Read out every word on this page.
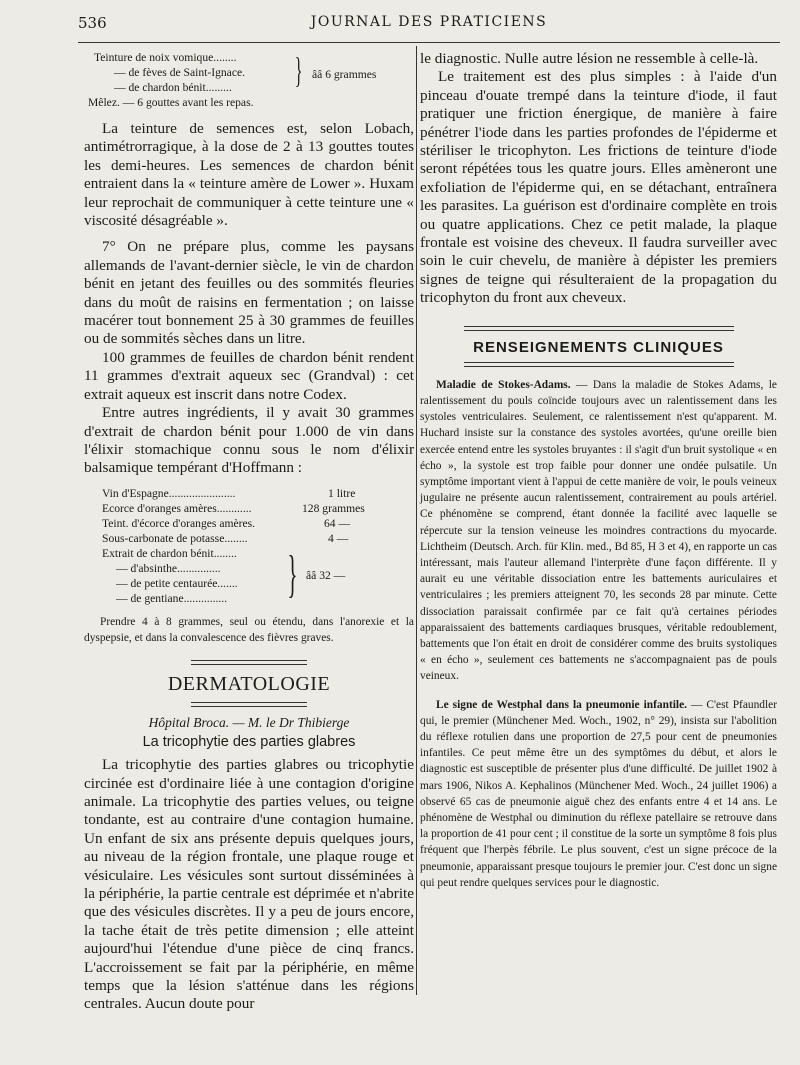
536	JOURNAL DES PRATICIENS
Teinture de noix vomique........
— de fèves de Saint-Ignace.
— de chardon bénit......... } ââ 6 grammes
Mêlez. — 6 gouttes avant les repas.

La teinture de semences est, selon Lobach, antimétrorragique, à la dose de 2 à 13 gouttes toutes les demi-heures. Les semences de chardon bénit entraient dans la « teinture amère de Lower ». Huxam leur reprochait de communiquer à cette teinture une « viscosité désagréable ».

7° On ne prépare plus, comme les paysans allemands de l'avant-dernier siècle, le vin de chardon bénit en jetant des feuilles ou des sommités fleuries dans du moût de raisins en fermentation ; on laisse macérer tout bonnement 25 à 30 grammes de feuilles ou de sommités sèches dans un litre.

100 grammes de feuilles de chardon bénit rendent 11 grammes d'extrait aqueux sec (Grandval) : cet extrait aqueux est inscrit dans notre Codex.

Entre autres ingrédients, il y avait 30 grammes d'extrait de chardon bénit pour 1.000 de vin dans l'élixir stomachique connu sous le nom d'élixir balsamique tempérant d'Hoffmann :

Vin d'Espagne.......................	1 litre
Ecorce d'oranges amères............	128 grammes
Teint. d'écorce d'oranges amères.	64 —
Sous-carbonate de potasse........	4 —
Extrait de chardon bénit........
— d'absinthe...............
— de petite centaurée.......
— de gentiane............... } ââ 32 —

Prendre 4 à 8 grammes, seul ou étendu, dans l'anorexie et la dyspepsie, et dans la convalescence des fièvres graves.

DERMATOLOGIE
Hôpital Broca. — M. le Dr Thibierge
La tricophytie des parties glabres

La tricophytie des parties glabres ou tricophytie circinée est d'ordinaire liée à une contagion d'origine animale. La tricophytie des parties velues, ou teigne tondante, est au contraire d'une contagion humaine. Un enfant de six ans présente depuis quelques jours, au niveau de la région frontale, une plaque rouge et vésiculaire. Les vésicules sont surtout disséminées à la périphérie, la partie centrale est déprimée et n'abrite que des vésicules discrètes. Il y a peu de jours encore, la tache était de très petite dimension ; elle atteint aujourd'hui l'étendue d'une pièce de cinq francs. L'accroissement se fait par la périphérie, en même temps que la lésion s'atténue dans les régions centrales. Aucun doute pour

le diagnostic. Nulle autre lésion ne ressemble à celle-là.

Le traitement est des plus simples : à l'aide d'un pinceau d'ouate trempé dans la teinture d'iode, il faut pratiquer une friction énergique, de manière à faire pénétrer l'iode dans les parties profondes de l'épiderme et stériliser le tricophyton. Les frictions de teinture d'iode seront répétées tous les quatre jours. Elles amèneront une exfoliation de l'épiderme qui, en se détachant, entraînera les parasites. La guérison est d'ordinaire complète en trois ou quatre applications. Chez ce petit malade, la plaque frontale est voisine des cheveux. Il faudra surveiller avec soin le cuir chevelu, de manière à dépister les premiers signes de teigne qui résulteraient de la propagation du tricophyton du front aux cheveux.

RENSEIGNEMENTS CLINIQUES

Maladie de Stokes-Adams. — Dans la maladie de Stokes Adams, le ralentissement du pouls coïncide toujours avec un ralentissement dans les systoles ventriculaires. Seulement, ce ralentissement n'est qu'apparent. M. Huchard insiste sur la constance des systoles avortées, qu'une oreille bien exercée entend entre les systoles bruyantes : il s'agit d'un bruit systolique « en écho », la systole est trop faible pour donner une ondée pulsatile. Un symptôme important vient à l'appui de cette manière de voir, le pouls veineux jugulaire ne présente aucun ralentissement, contrairement au pouls artériel. Ce phénomène se comprend, étant donnée la facilité avec laquelle se répercute sur la tension veineuse les moindres contractions du myocarde. Lichtheim (Deutsch. Arch. für Klin. med., Bd 85, H 3 et 4), en rapporte un cas intéressant, mais l'auteur allemand l'interprète d'une façon différente. Il y aurait eu une véritable dissociation entre les battements auriculaires et ventriculaires ; les premiers atteignent 70, les seconds 28 par minute. Cette dissociation paraissait confirmée par ce fait qu'à certaines périodes apparaissaient des battements cardiaques brusques, véritable redoublement, battements que l'on était en droit de considérer comme des bruits systoliques « en écho », seulement ces battements ne s'accompagnaient pas de pouls veineux.

Le signe de Westphal dans la pneumonie infantile. — C'est Pfaundler qui, le premier (Münchener Med. Woch., 1902, n° 29), insista sur l'abolition du réflexe rotulien dans une proportion de 27,5 pour cent de pneumonies infantiles. Ce peut même être un des symptômes du début, et alors le diagnostic est susceptible de présenter plus d'une difficulté. De juillet 1902 à mars 1906, Nikos A. Kephalinos (Münchener Med. Woch., 24 juillet 1906) a observé 65 cas de pneumonie aiguë chez des enfants entre 4 et 14 ans. Le phénomène de Westphal ou diminution du réflexe patellaire se retrouve dans la proportion de 41 pour cent ; il constitue de la sorte un symptôme 8 fois plus fréquent que l'herpès fébrile. Le plus souvent, c'est un signe précoce de la pneumonie, apparaissant presque toujours le premier jour. C'est donc un signe qui peut rendre quelques services pour le diagnostic.
